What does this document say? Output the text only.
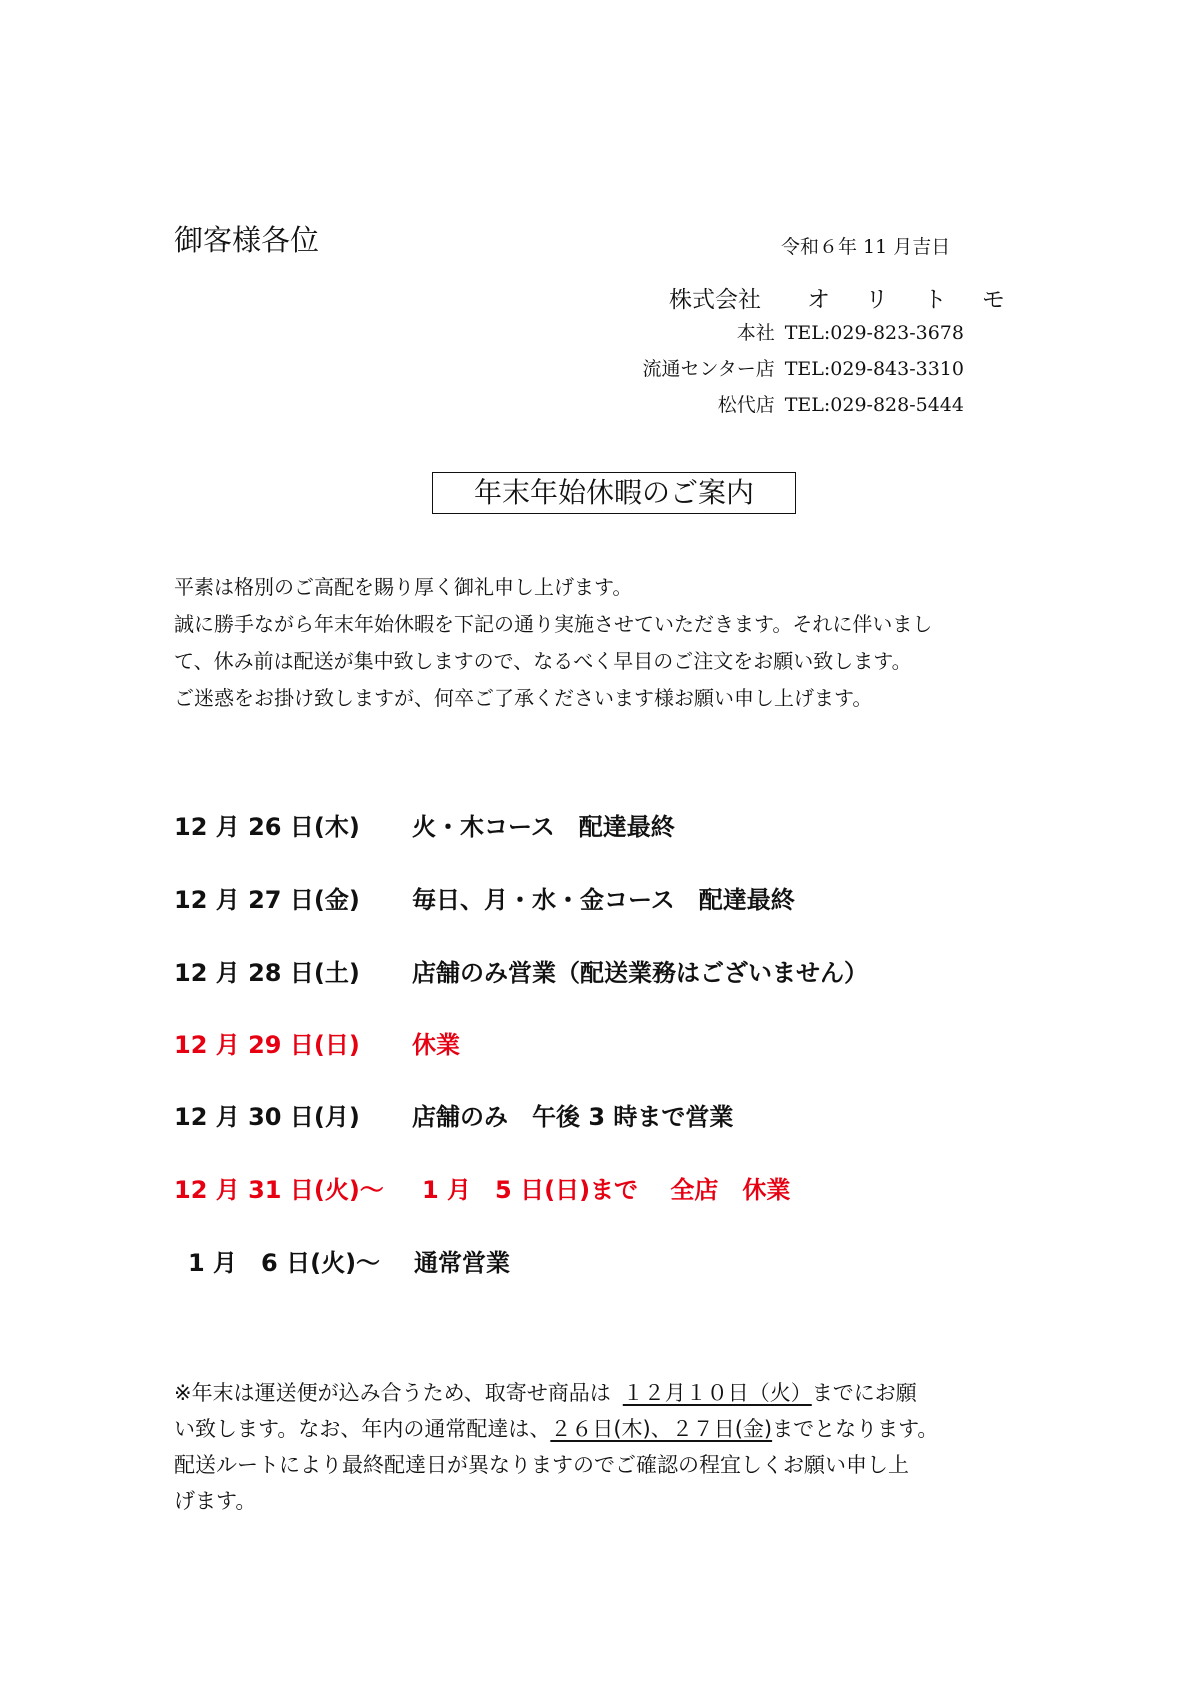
御客様各位	令和６年 11 月吉日
株式会社 オ リ ト モ
本社 TEL:029-823-3678
流通センター店 TEL:029-843-3310
松代店 TEL:029-828-5444
年末年始休暇のご案内
平素は格別のご高配を賜り厚く御礼申し上げます。
誠に勝手ながら年末年始休暇を下記の通り実施させていただきます。それに伴いまし
て、休み前は配送が集中致しますので、なるべく早目のご注文をお願い致します。
ご迷惑をお掛け致しますが、何卒ご了承くださいます様お願い申し上げます。
12 月 26 日(木) 火・木コース　配達最終
12 月 27 日(金) 毎日、月・水・金コース　配達最終
12 月 28 日(土) 店舗のみ営業（配送業務はございません）
12 月 29 日(日) 休業
12 月 30 日(月) 店舗のみ　午後 3 時まで営業
12 月 31 日(火)～ 1 月　5 日(日)まで　 全店　休業
1 月　6 日(火)～ 通常営業
※年末は運送便が込み合うため、取寄せ商品は １２月１０日（火）までにお願
い致します。なお、年内の通常配達は、２６日(木)、２７日(金)までとなります。
配送ルートにより最終配達日が異なりますのでご確認の程宜しくお願い申し上
げます。
